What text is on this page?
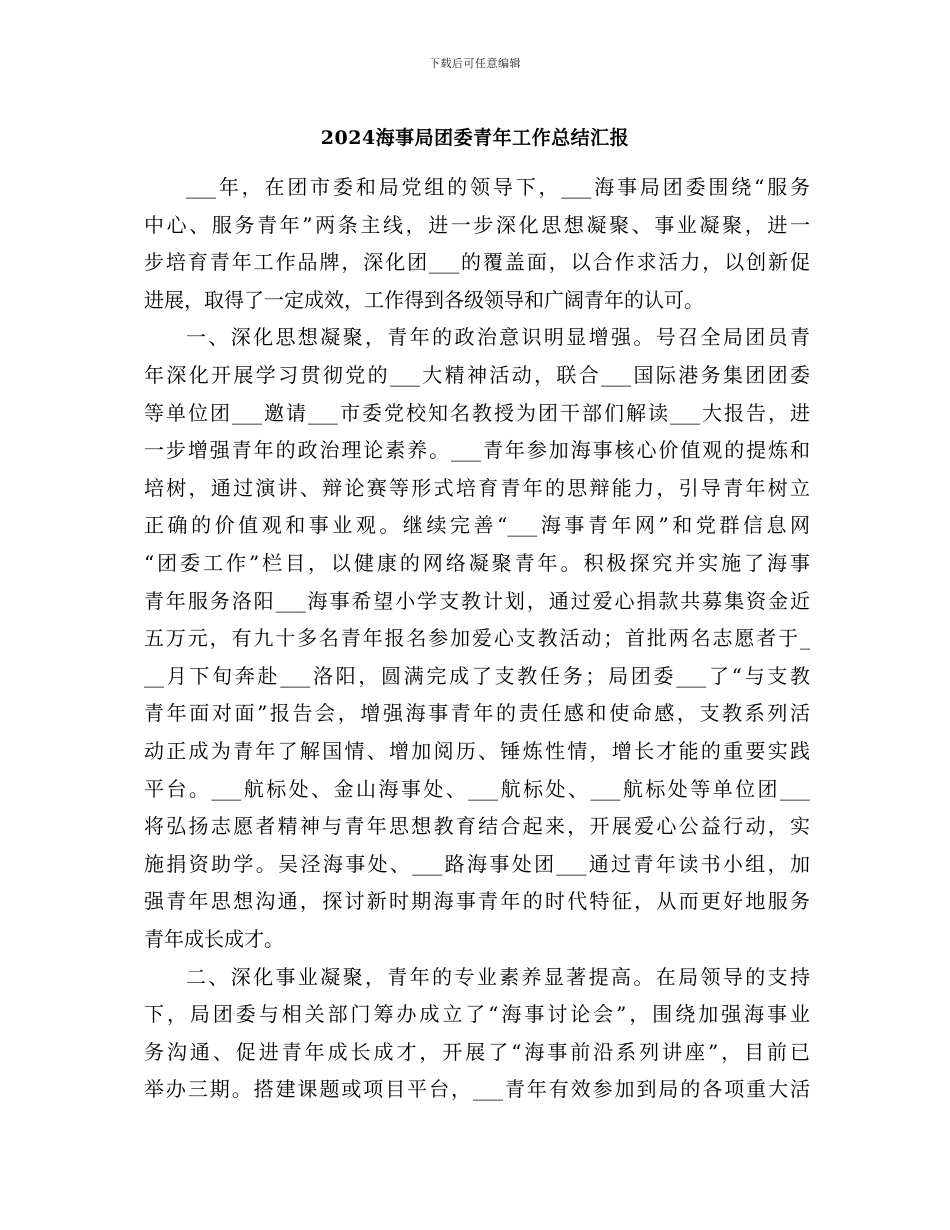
下载后可任意编辑
2024海事局团委青年工作总结汇报
___年，在团市委和局党组的领导下，___海事局团委围绕“服务
中心、服务青年”两条主线，进一步深化思想凝聚、事业凝聚，进一
步培育青年工作品牌，深化团___的覆盖面，以合作求活力，以创新促
进展，取得了一定成效，工作得到各级领导和广阔青年的认可。
一、深化思想凝聚，青年的政治意识明显增强。号召全局团员青
年深化开展学习贯彻党的___大精神活动，联合___国际港务集团团委
等单位团___邀请___市委党校知名教授为团干部们解读___大报告，进
一步增强青年的政治理论素养。___青年参加海事核心价值观的提炼和
培树，通过演讲、辩论赛等形式培育青年的思辩能力，引导青年树立
正确的价值观和事业观。继续完善“___海事青年网”和党群信息网
“团委工作”栏目，以健康的网络凝聚青年。积极探究并实施了海事
青年服务洛阳___海事希望小学支教计划，通过爱心捐款共募集资金近
五万元，有九十多名青年报名参加爱心支教活动；首批两名志愿者于_
__月下旬奔赴___洛阳，圆满完成了支教任务；局团委___了“与支教
青年面对面”报告会，增强海事青年的责任感和使命感，支教系列活
动正成为青年了解国情、增加阅历、锤炼性情，增长才能的重要实践
平台。___航标处、金山海事处、___航标处、___航标处等单位团___
将弘扬志愿者精神与青年思想教育结合起来，开展爱心公益行动，实
施捐资助学。吴泾海事处、___路海事处团___通过青年读书小组，加
强青年思想沟通，探讨新时期海事青年的时代特征，从而更好地服务
青年成长成才。
二、深化事业凝聚，青年的专业素养显著提高。在局领导的支持
下，局团委与相关部门筹办成立了“海事讨论会”，围绕加强海事业
务沟通、促进青年成长成才，开展了“海事前沿系列讲座”，目前已
举办三期。搭建课题或项目平台，___青年有效参加到局的各项重大活
